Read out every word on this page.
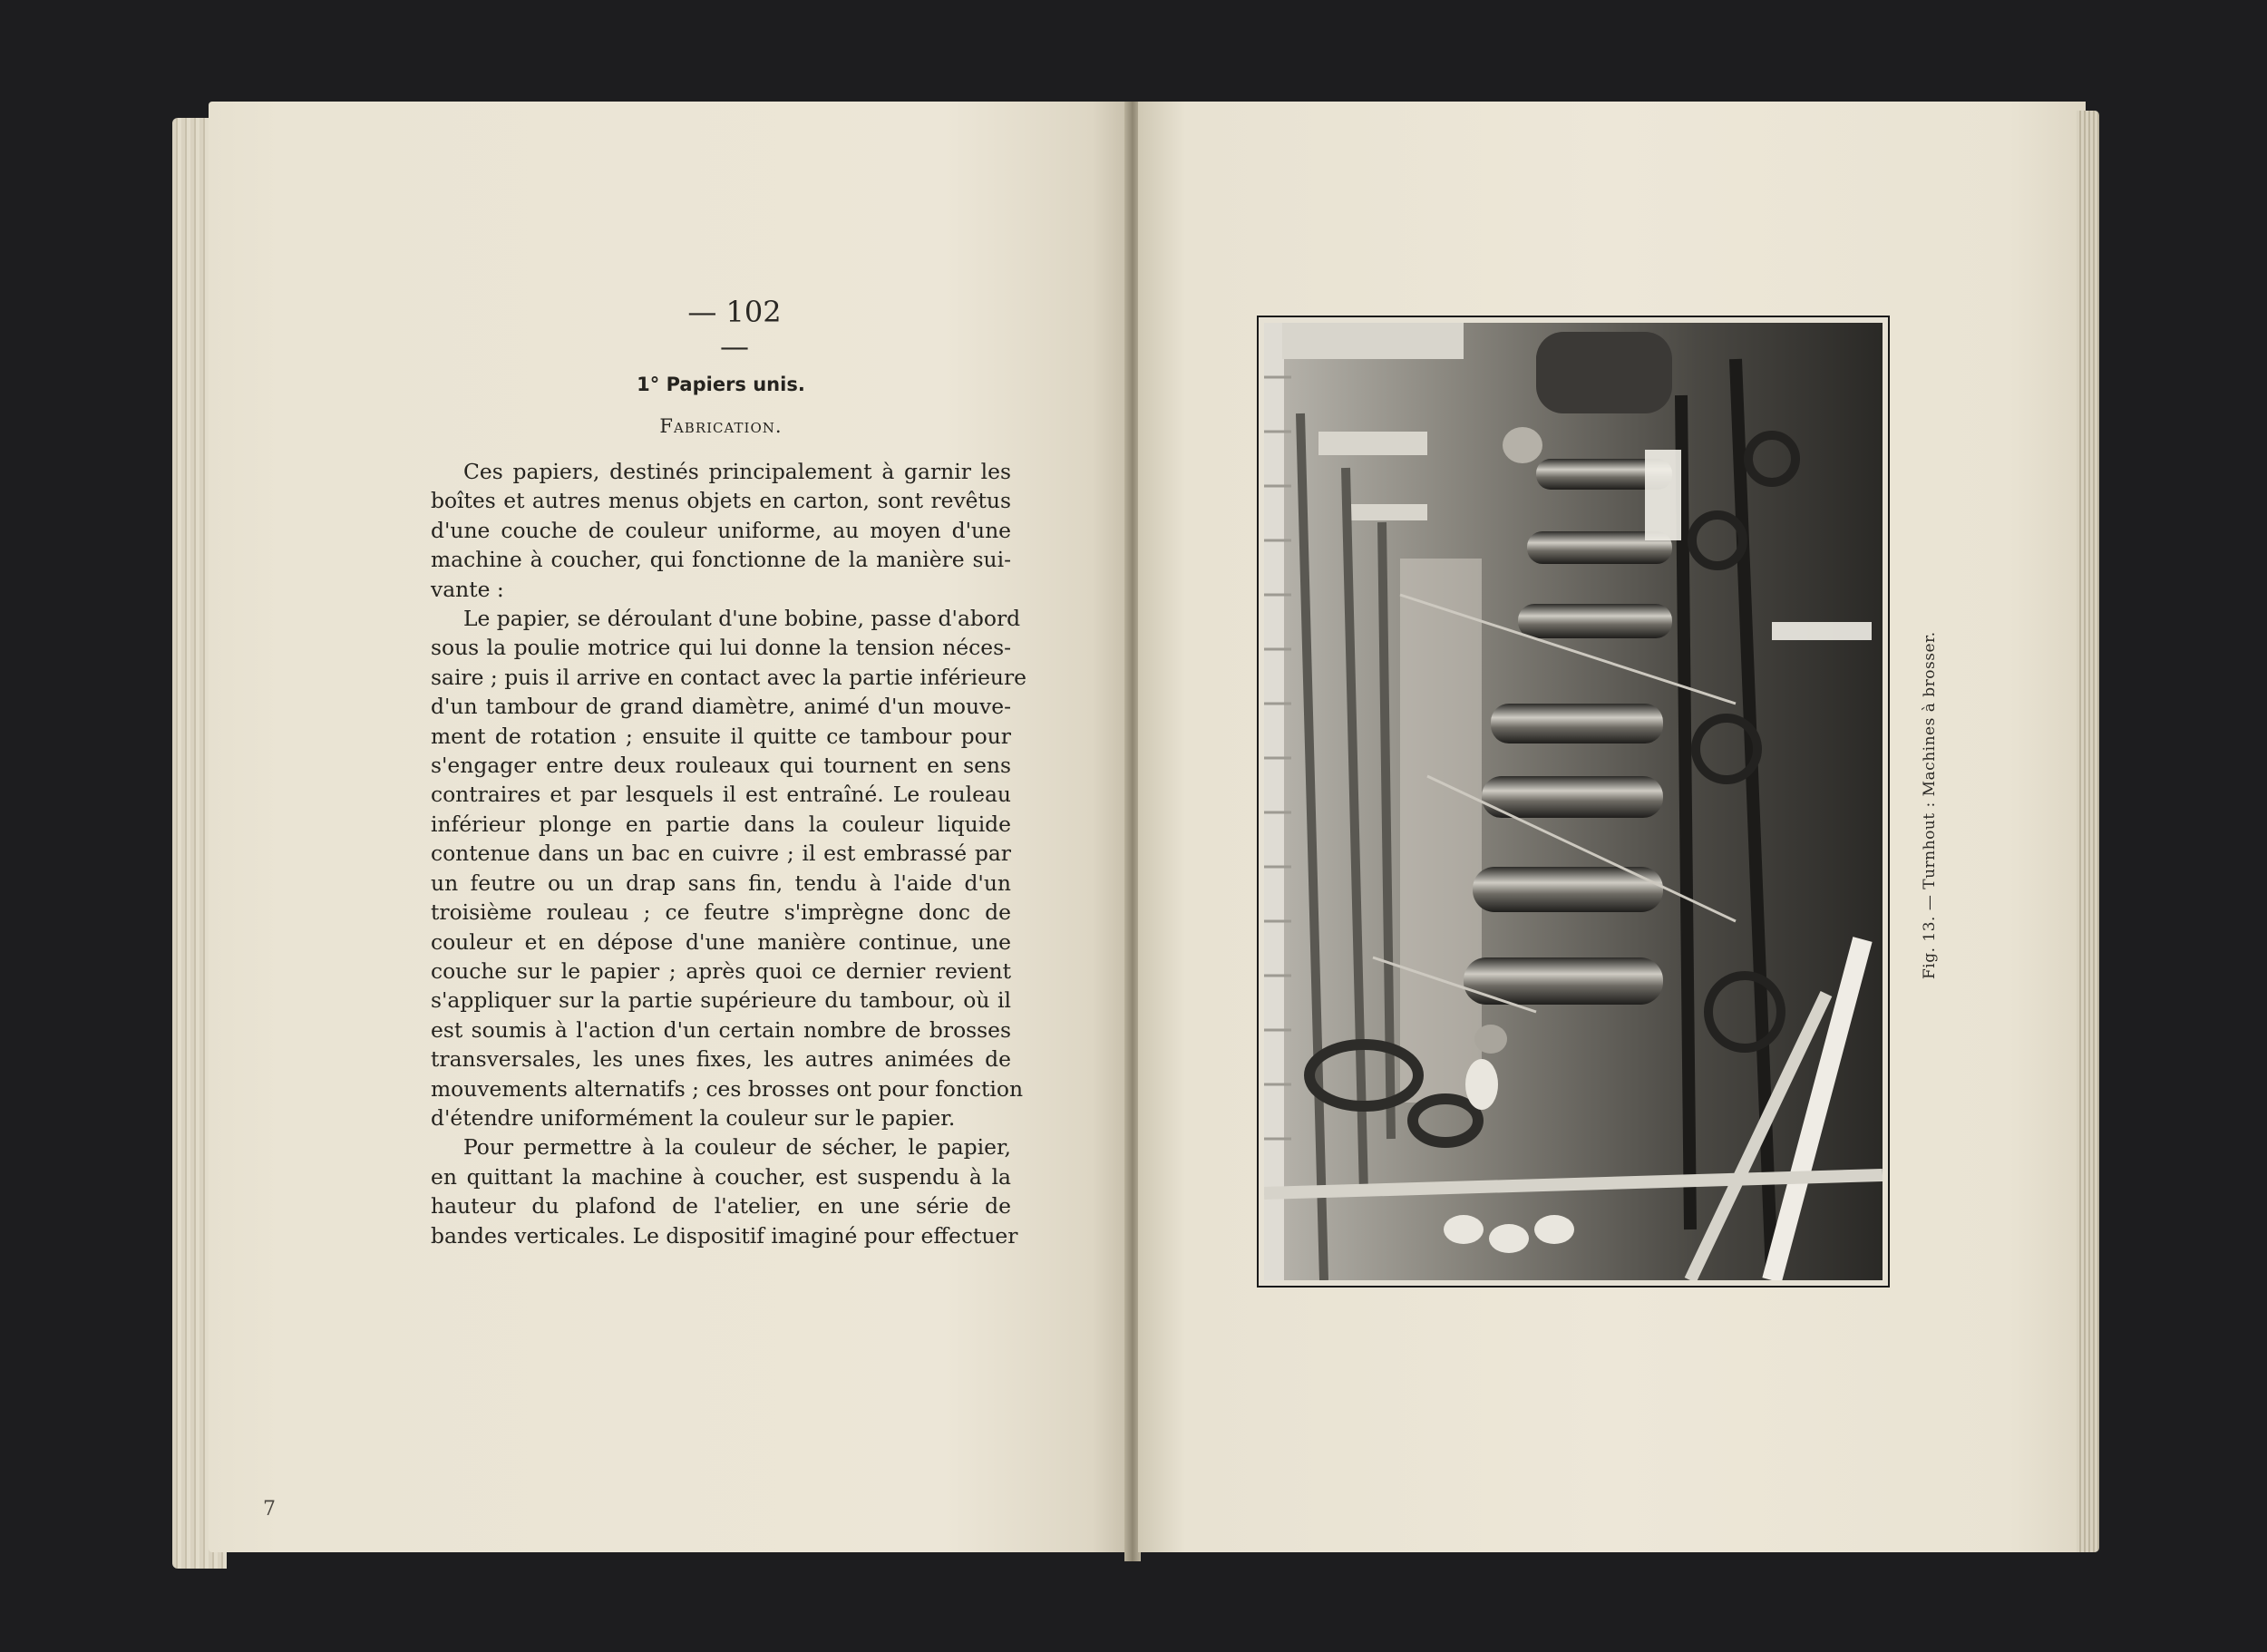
— 102 —
1° Papiers unis.
Fabrication.

Ces papiers, destinés principalement à garnir les
boîtes et autres menus objets en carton, sont revêtus
d'une couche de couleur uniforme, au moyen d'une
machine à coucher, qui fonctionne de la manière sui-
vante :

Le papier, se déroulant d'une bobine, passe d'abord
sous la poulie motrice qui lui donne la tension néces-
saire ; puis il arrive en contact avec la partie inférieure
d'un tambour de grand diamètre, animé d'un mouve-
ment de rotation ; ensuite il quitte ce tambour pour
s'engager entre deux rouleaux qui tournent en sens
contraires et par lesquels il est entraîné. Le rouleau
inférieur plonge en partie dans la couleur liquide
contenue dans un bac en cuivre ; il est embrassé par
un feutre ou un drap sans fin, tendu à l'aide d'un
troisième rouleau ; ce feutre s'imprègne donc de
couleur et en dépose d'une manière continue, une
couche sur le papier ; après quoi ce dernier revient
s'appliquer sur la partie supérieure du tambour, où il
est soumis à l'action d'un certain nombre de brosses
transversales, les unes fixes, les autres animées de
mouvements alternatifs ; ces brosses ont pour fonction
d'étendre uniformément la couleur sur le papier.

Pour permettre à la couleur de sécher, le papier,
en quittant la machine à coucher, est suspendu à la
hauteur du plafond de l'atelier, en une série de
bandes verticales. Le dispositif imaginé pour effectuer

7
Fig. 13. — Turnhout : Machines à brosser.
